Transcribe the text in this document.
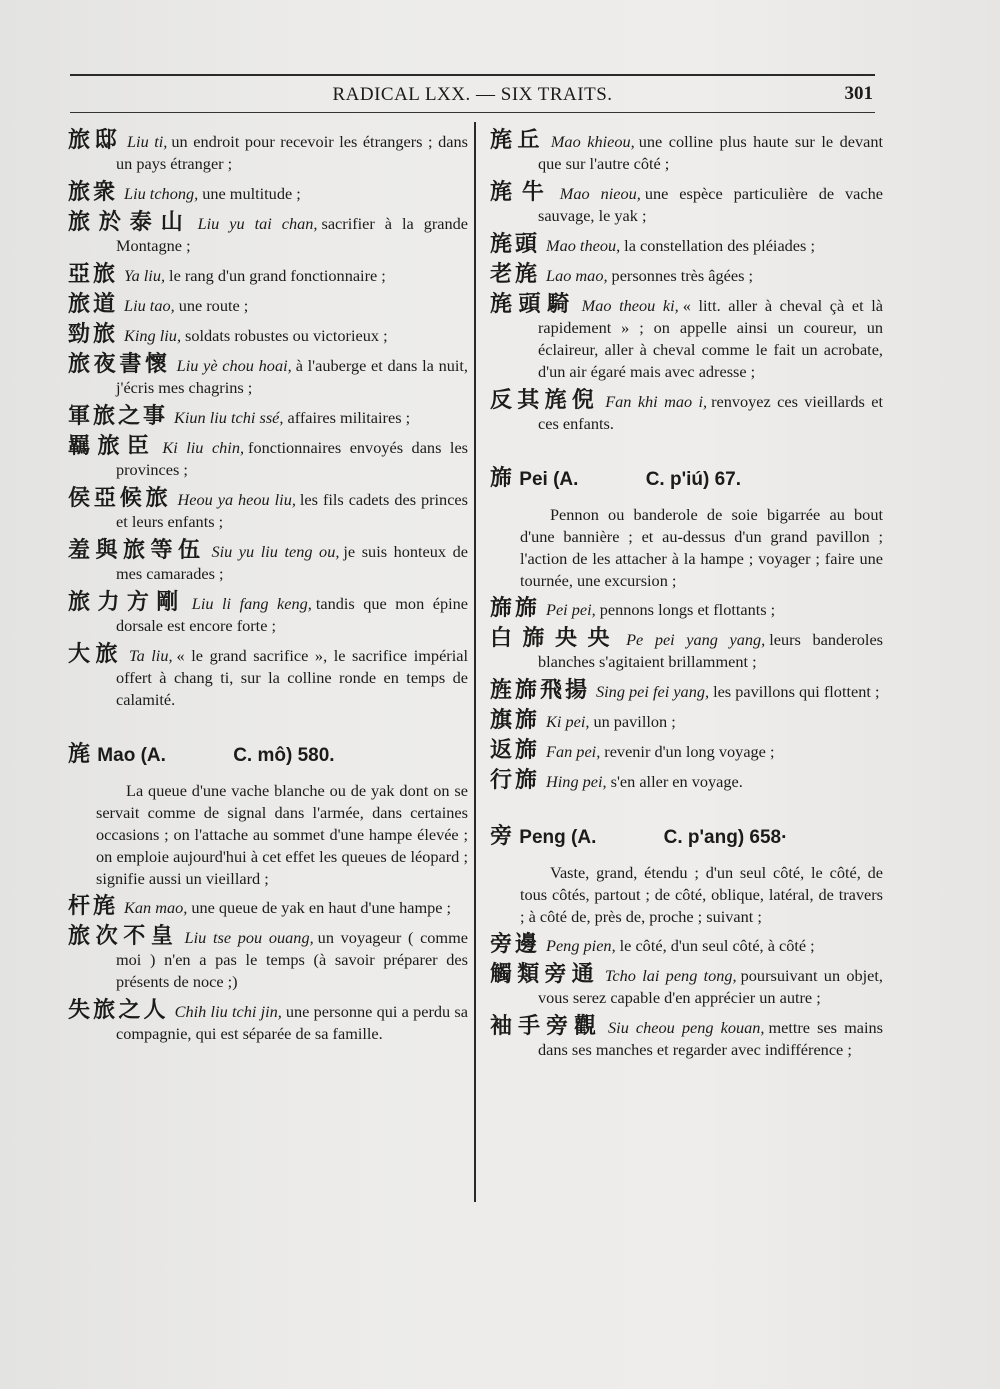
RADICAL LXX. — SIX TRAITS.	301

旅邸 Liu ti, un endroit pour recevoir les étrangers ; dans un pays étranger ;

旅衆 Liu tchong, une multitude ;

旅於泰山 Liu yu tai chan, sacrifier à la grande Montagne ;

亞旅 Ya liu, le rang d'un grand fonctionnaire ;

旅道 Liu tao, une route ;

勁旅 King liu, soldats robustes ou victorieux ;

旅夜書懷 Liu yè chou hoai, à l'auberge et dans la nuit, j'écris mes chagrins ;

軍旅之事 Kiun liu tchi ssé, affaires militaires ;

羈旅臣 Ki liu chin, fonctionnaires envoyés dans les provinces ;

侯亞候旅 Heou ya heou liu, les fils cadets des princes et leurs enfants ;

羞與旅等伍 Siu yu liu teng ou, je suis honteux de mes camarades ;

旅力方剛 Liu li fang keng, tandis que mon épine dorsale est encore forte ;

大旅 Ta liu, « le grand sacrifice », le sacrifice impérial offert à chang ti, sur la colline ronde en temps de calamité.

旄 Mao (A.	C. mô) 580.
La queue d'une vache blanche ou de yak dont on se servait comme de signal dans l'armée, dans certaines occasions ; on l'attache au sommet d'une hampe élevée ; on emploie aujourd'hui à cet effet les queues de léopard ; signifie aussi un vieillard ;

杆旄 Kan mao, une queue de yak en haut d'une hampe ;

旅次不皇 Liu tse pou ouang, un voyageur ( comme moi ) n'en a pas le temps (à savoir préparer des présents de noce ;)

失旅之人 Chih liu tchi jin, une personne qui a perdu sa compagnie, qui est séparée de sa famille.

旄丘 Mao khieou, une colline plus haute sur le devant que sur l'autre côté ;

旄牛 Mao nieou, une espèce particulière de vache sauvage, le yak ;

旄頭 Mao theou, la constellation des pléiades ;

老旄 Lao mao, personnes très âgées ;

旄頭騎 Mao theou ki, « litt. aller à cheval çà et là rapidement » ; on appelle ainsi un coureur, un éclaireur, aller à cheval comme le fait un acrobate, d'un air égaré mais avec adresse ;

反其旄倪 Fan khi mao i, renvoyez ces vieillards et ces enfants.

旆 Pei (A.	C. p'iú) 67.
Pennon ou banderole de soie bigarrée au bout d'une bannière ; et au-dessus d'un grand pavillon ; l'action de les attacher à la hampe ; voyager ; faire une tournée, une excursion ;

旆旆 Pei pei, pennons longs et flottants ;

白旆央央 Pe pei yang yang, leurs banderoles blanches s'agitaient brillamment ;

旌旆飛揚 Sing pei fei yang, les pavillons qui flottent ;

旗旆 Ki pei, un pavillon ;

返旆 Fan pei, revenir d'un long voyage ;

行旆 Hing pei, s'en aller en voyage.

旁 Peng (A.	C. p'ang) 658·
Vaste, grand, étendu ; d'un seul côté, le côté, de tous côtés, partout ; de côté, oblique, latéral, de travers ; à côté de, près de, proche ; suivant ;

旁邊 Peng pien, le côté, d'un seul côté, à côté ;

觸類旁通 Tcho lai peng tong, poursuivant un objet, vous serez capable d'en apprécier un autre ;

袖手旁觀 Siu cheou peng kouan, mettre ses mains dans ses manches et regarder avec indifférence ;
